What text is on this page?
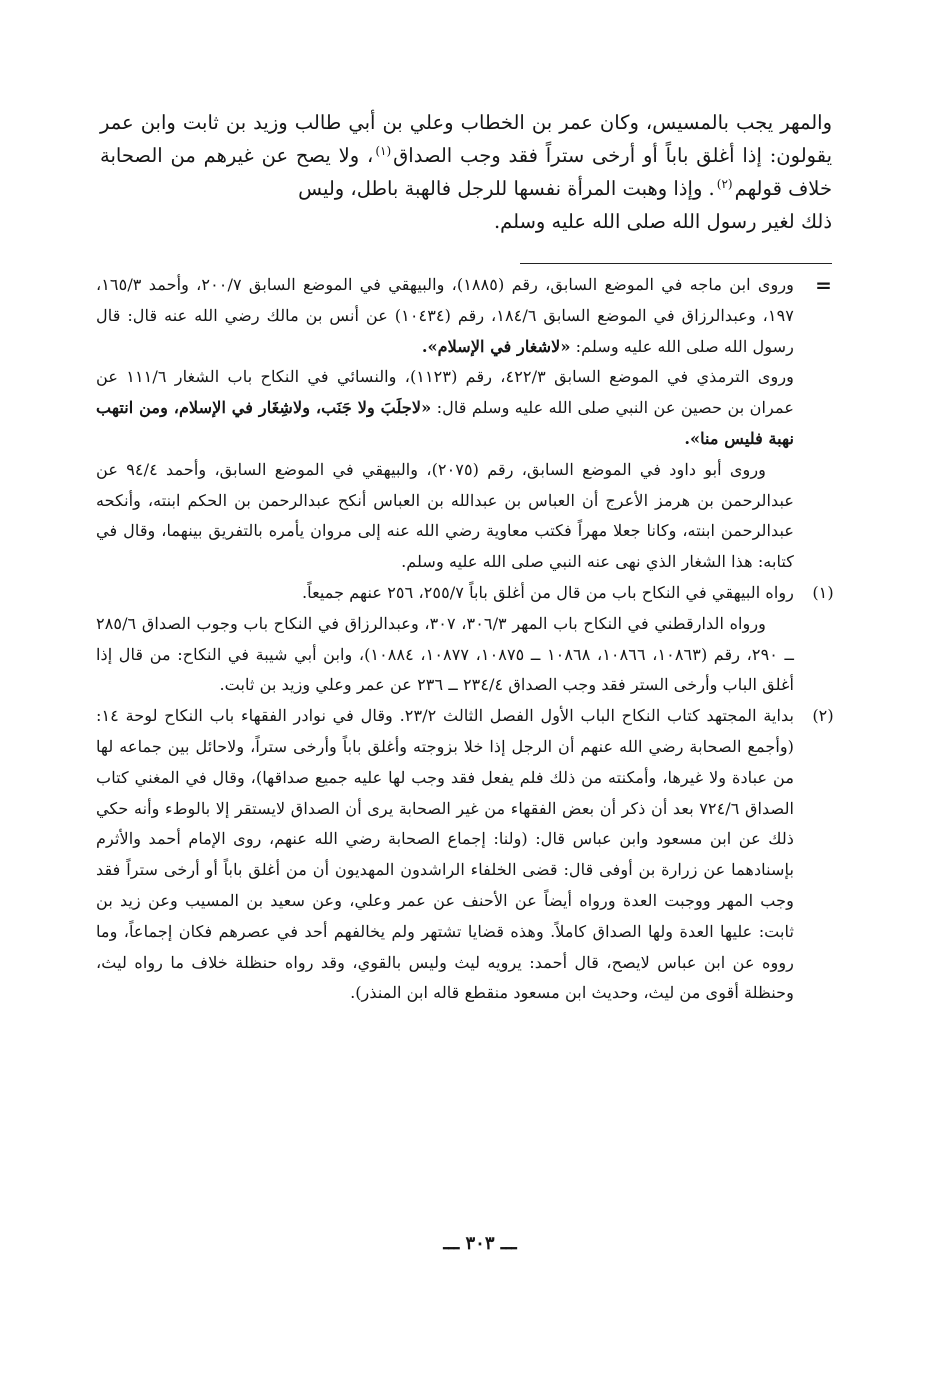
والمهر يجب بالمسيس، وكان عمر بن الخطاب وعلي بن أبي طالب وزيد بن ثابت وابن عمر يقولون: إذا أغلق باباً أو أرخى ستراً فقد وجب الصداق$^{(١)}$، ولا يصح عن غيرهم من الصحابة خلاف قولهم$^{(٢)}$. وإذا وهبت المرأة نفسها للرجل فالهبة باطل، وليس

ذلك لغير رسول الله صلى الله عليه وسلم.

=

وروى ابن ماجه في الموضع السابق، رقم (١٨٨٥)، والبيهقي في الموضع السابق ٢٠٠/٧، وأحمد ١٦٥/٣، ١٩٧، وعبدالرزاق في الموضع السابق ١٨٤/٦، رقم (١٠٤٣٤) عن أنس بن مالك رضي الله عنه قال: قال رسول الله صلى الله عليه وسلم: «لاشغار في الإسلام».

وروى الترمذي في الموضع السابق ٤٢٢/٣، رقم (١١٢٣)، والنسائي في النكاح باب الشغار ١١١/٦ عن عمران بن حصين عن النبي صلى الله عليه وسلم قال: «لاجلَبَ ولا جَنَب، ولاشِغَار في الإسلام، ومن انتهب نهبة فليس منا».

وروى أبو داود في الموضع السابق، رقم (٢٠٧٥)، والبيهقي في الموضع السابق، وأحمد ٩٤/٤ عن عبدالرحمن بن هرمز الأعرج أن العباس بن عبدالله بن العباس أنكح عبدالرحمن بن الحكم ابنته، وأنكحه عبدالرحمن ابنته، وكانا جعلا مهراً فكتب معاوية رضي الله عنه إلى مروان يأمره بالتفريق بينهما، وقال في كتابه: هذا الشغار الذي نهى عنه النبي صلى الله عليه وسلم.

(١)

رواه البيهقي في النكاح باب من قال من أغلق باباً ٢٥٥/٧، ٢٥٦ عنهم جميعاً.

ورواه الدارقطني في النكاح باب المهر ٣٠٦/٣، ٣٠٧، وعبدالرزاق في النكاح باب وجوب الصداق ٢٨٥/٦ ــ ٢٩٠، رقم (١٠٨٦٣، ١٠٨٦٦، ١٠٨٦٨ ــ ١٠٨٧٥، ١٠٨٧٧، ١٠٨٨٤)، وابن أبي شيبة في النكاح: من قال إذا أغلق الباب وأرخى الستر فقد وجب الصداق ٢٣٤/٤ ــ ٢٣٦ عن عمر وعلي وزيد بن ثابت.

(٢)

بداية المجتهد كتاب النكاح الباب الأول الفصل الثالث ٢٣/٢. وقال في نوادر الفقهاء باب النكاح لوحة ١٤: (وأجمع الصحابة رضي الله عنهم أن الرجل إذا خلا بزوجته وأغلق باباً وأرخى ستراً، ولاحائل بين جماعه لها من عبادة ولا غيرها، وأمكنته من ذلك فلم يفعل فقد وجب لها عليه جميع صداقها)، وقال في المغني كتاب الصداق ٧٢٤/٦ بعد أن ذكر أن بعض الفقهاء من غير الصحابة يرى أن الصداق لايستقر إلا بالوطء وأنه حكي ذلك عن ابن مسعود وابن عباس قال: (ولنا: إجماع الصحابة رضي الله عنهم، روى الإمام أحمد والأثرم بإسنادهما عن زرارة بن أوفى قال: قضى الخلفاء الراشدون المهديون أن من أغلق باباً أو أرخى ستراً فقد وجب المهر ووجبت العدة ورواه أيضاً عن الأحنف عن عمر وعلي، وعن سعيد بن المسيب وعن زيد بن ثابت: عليها العدة ولها الصداق كاملاً. وهذه قضايا تشتهر ولم يخالفهم أحد في عصرهم فكان إجماعاً، وما رووه عن ابن عباس لايصح، قال أحمد: يرويه ليث وليس بالقوي، وقد رواه حنظلة خلاف ما رواه ليث، وحنظلة أقوى من ليث، وحديث ابن مسعود منقطع قاله ابن المنذر).

ـــ ٣٠٣ ـــ
